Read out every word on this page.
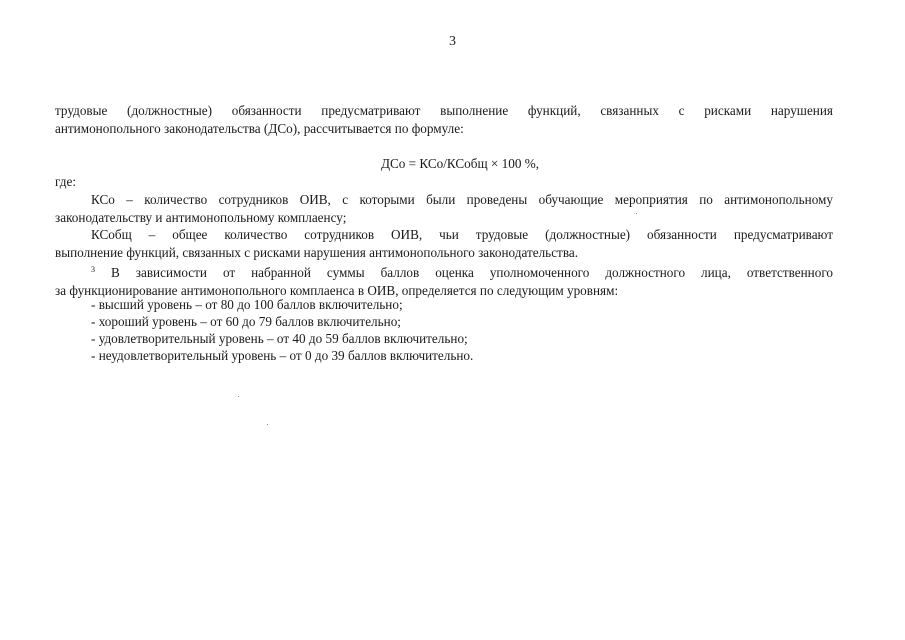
3
трудовые (должностные) обязанности предусматривают выполнение функций, связанных с рисками нарушения
антимонопольного законодательства (ДСо), рассчитывается по формуле:
ДСо = КСо/КСобщ × 100 %,
где:
КСо – количество сотрудников ОИВ, с которыми были проведены обучающие мероприятия по антимонопольному
законодательству и антимонопольному комплаенсу;
КСобщ – общее количество сотрудников ОИВ, чьи трудовые (должностные) обязанности предусматривают
выполнение функций, связанных с рисками нарушения антимонопольного законодательства.
$^3$ В зависимости от набранной суммы баллов оценка уполномоченного должностного лица, ответственного
за функционирование антимонопольного комплаенса в ОИВ, определяется по следующим уровням:
- высший уровень – от 80 до 100 баллов включительно;
- хороший уровень – от 60 до 79 баллов включительно;
- удовлетворительный уровень – от 40 до 59 баллов включительно;
- неудовлетворительный уровень – от 0 до 39 баллов включительно.
